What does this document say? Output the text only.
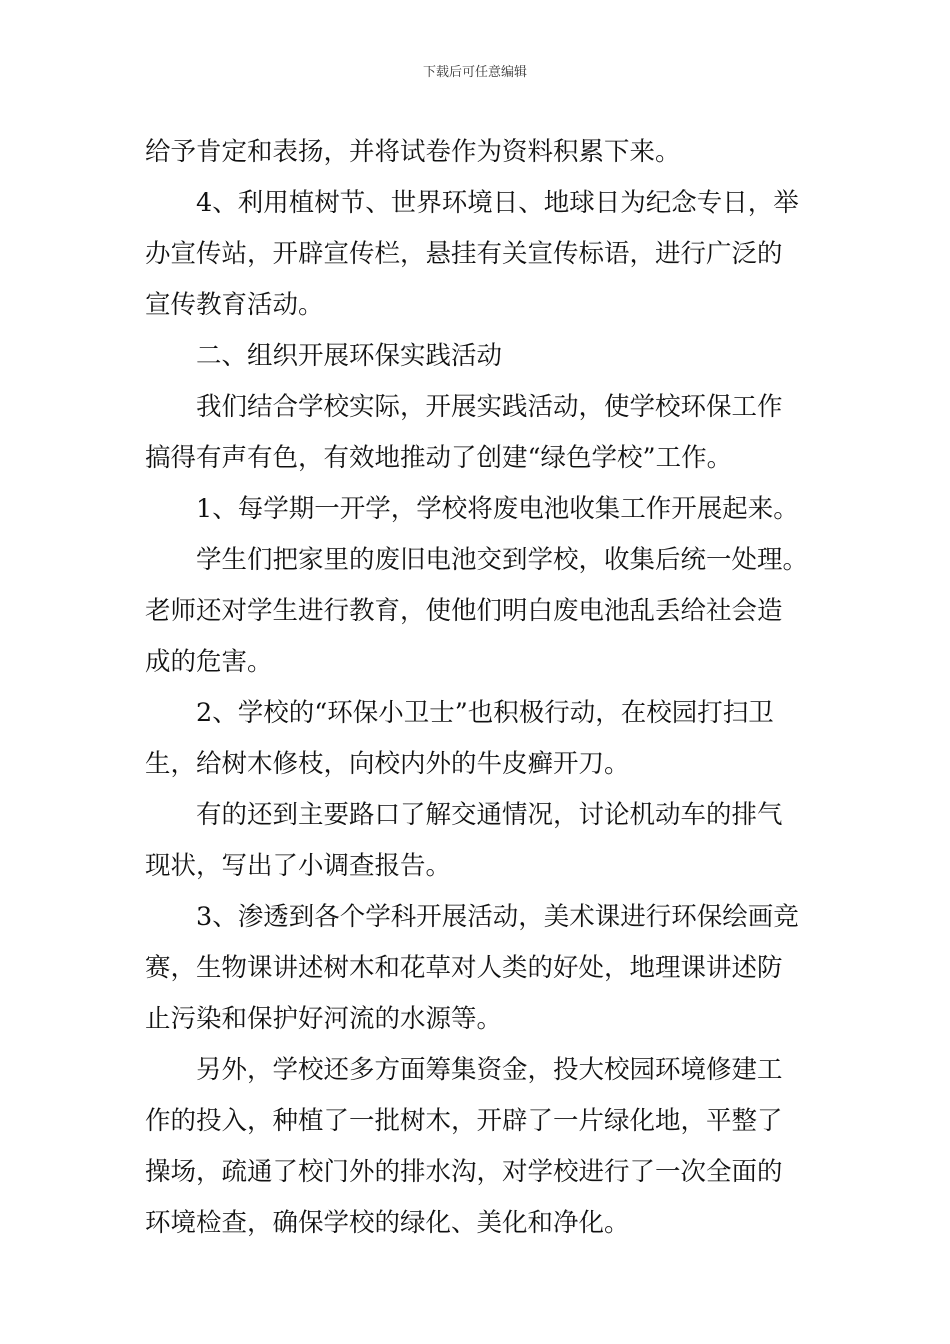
下载后可任意编辑

给予肯定和表扬，并将试卷作为资料积累下来。

4、利用植树节、世界环境日、地球日为纪念专日，举
办宣传站，开辟宣传栏，悬挂有关宣传标语，进行广泛的
宣传教育活动。

二、组织开展环保实践活动

我们结合学校实际，开展实践活动，使学校环保工作
搞得有声有色，有效地推动了创建“绿色学校”工作。

1、每学期一开学，学校将废电池收集工作开展起来。

学生们把家里的废旧电池交到学校，收集后统一处理。
老师还对学生进行教育，使他们明白废电池乱丢给社会造
成的危害。

2、学校的“环保小卫士”也积极行动，在校园打扫卫
生，给树木修枝，向校内外的牛皮癣开刀。

有的还到主要路口了解交通情况，讨论机动车的排气
现状，写出了小调查报告。

3、渗透到各个学科开展活动，美术课进行环保绘画竞
赛，生物课讲述树木和花草对人类的好处，地理课讲述防
止污染和保护好河流的水源等。

另外，学校还多方面筹集资金，投大校园环境修建工
作的投入，种植了一批树木，开辟了一片绿化地，平整了
操场，疏通了校门外的排水沟，对学校进行了一次全面的
环境检查，确保学校的绿化、美化和净化。
